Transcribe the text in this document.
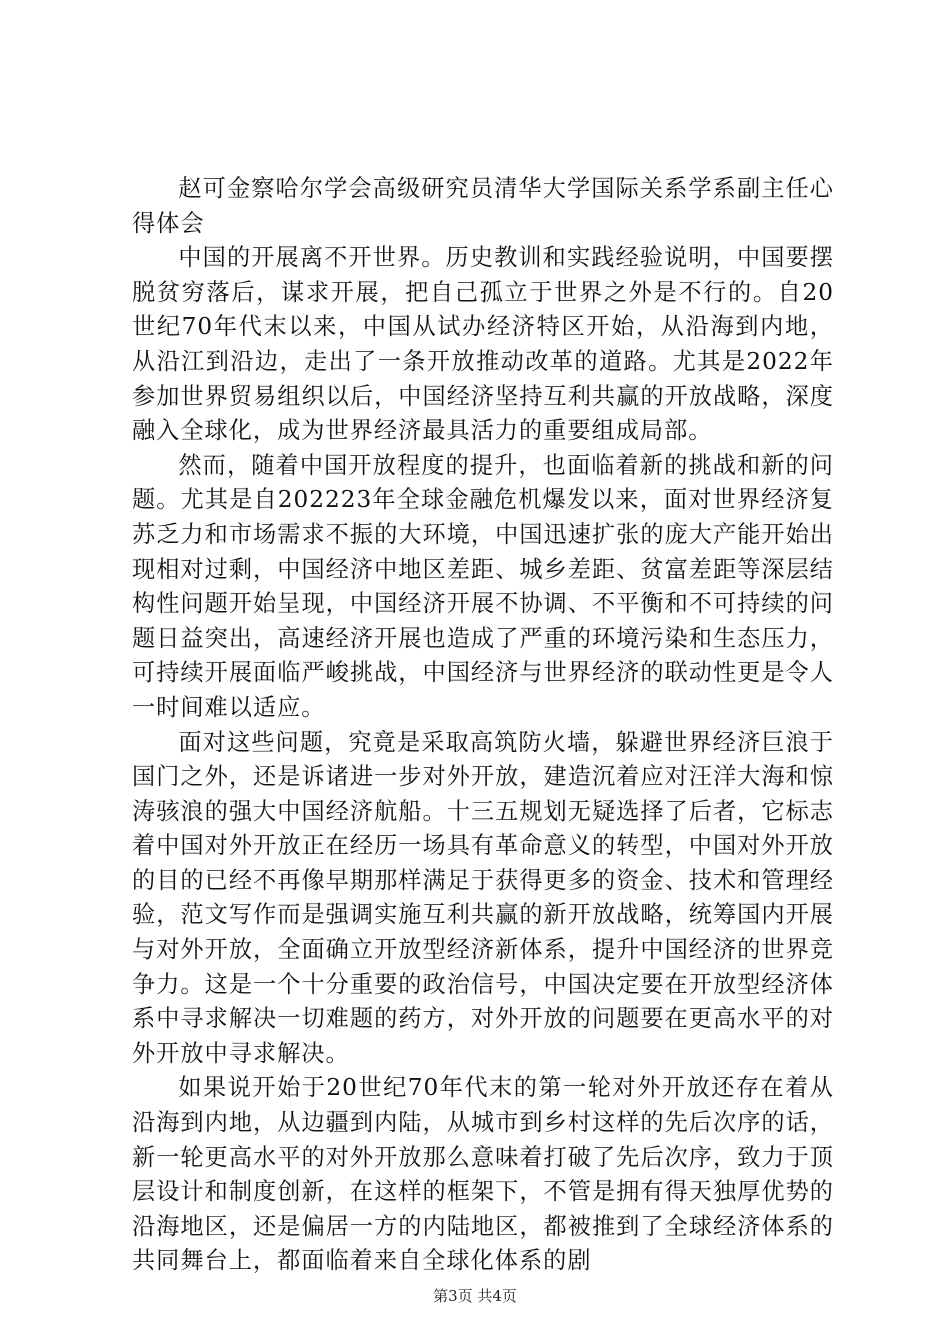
赵可金察哈尔学会高级研究员清华大学国际关系学系副主任心得体会

中国的开展离不开世界。历史教训和实践经验说明，中国要摆脱贫穷落后，谋求开展，把自己孤立于世界之外是不行的。自20世纪70年代末以来，中国从试办经济特区开始，从沿海到内地，从沿江到沿边，走出了一条开放推动改革的道路。尤其是2022年参加世界贸易组织以后，中国经济坚持互利共赢的开放战略，深度融入全球化，成为世界经济最具活力的重要组成局部。

然而，随着中国开放程度的提升，也面临着新的挑战和新的问题。尤其是自202223年全球金融危机爆发以来，面对世界经济复苏乏力和市场需求不振的大环境，中国迅速扩张的庞大产能开始出现相对过剩，中国经济中地区差距、城乡差距、贫富差距等深层结构性问题开始呈现，中国经济开展不协调、不平衡和不可持续的问题日益突出，高速经济开展也造成了严重的环境污染和生态压力，可持续开展面临严峻挑战，中国经济与世界经济的联动性更是令人一时间难以适应。

面对这些问题，究竟是采取高筑防火墙，躲避世界经济巨浪于国门之外，还是诉诸进一步对外开放，建造沉着应对汪洋大海和惊涛骇浪的强大中国经济航船。十三五规划无疑选择了后者，它标志着中国对外开放正在经历一场具有革命意义的转型，中国对外开放的目的已经不再像早期那样满足于获得更多的资金、技术和管理经验，范文写作而是强调实施互利共赢的新开放战略，统筹国内开展与对外开放，全面确立开放型经济新体系，提升中国经济的世界竞争力。这是一个十分重要的政治信号，中国决定要在开放型经济体系中寻求解决一切难题的药方，对外开放的问题要在更高水平的对外开放中寻求解决。

如果说开始于20世纪70年代末的第一轮对外开放还存在着从沿海到内地，从边疆到内陆，从城市到乡村这样的先后次序的话，新一轮更高水平的对外开放那么意味着打破了先后次序，致力于顶层设计和制度创新，在这样的框架下，不管是拥有得天独厚优势的沿海地区，还是偏居一方的内陆地区，都被推到了全球经济体系的共同舞台上，都面临着来自全球化体系的剧

第3页 共4页
